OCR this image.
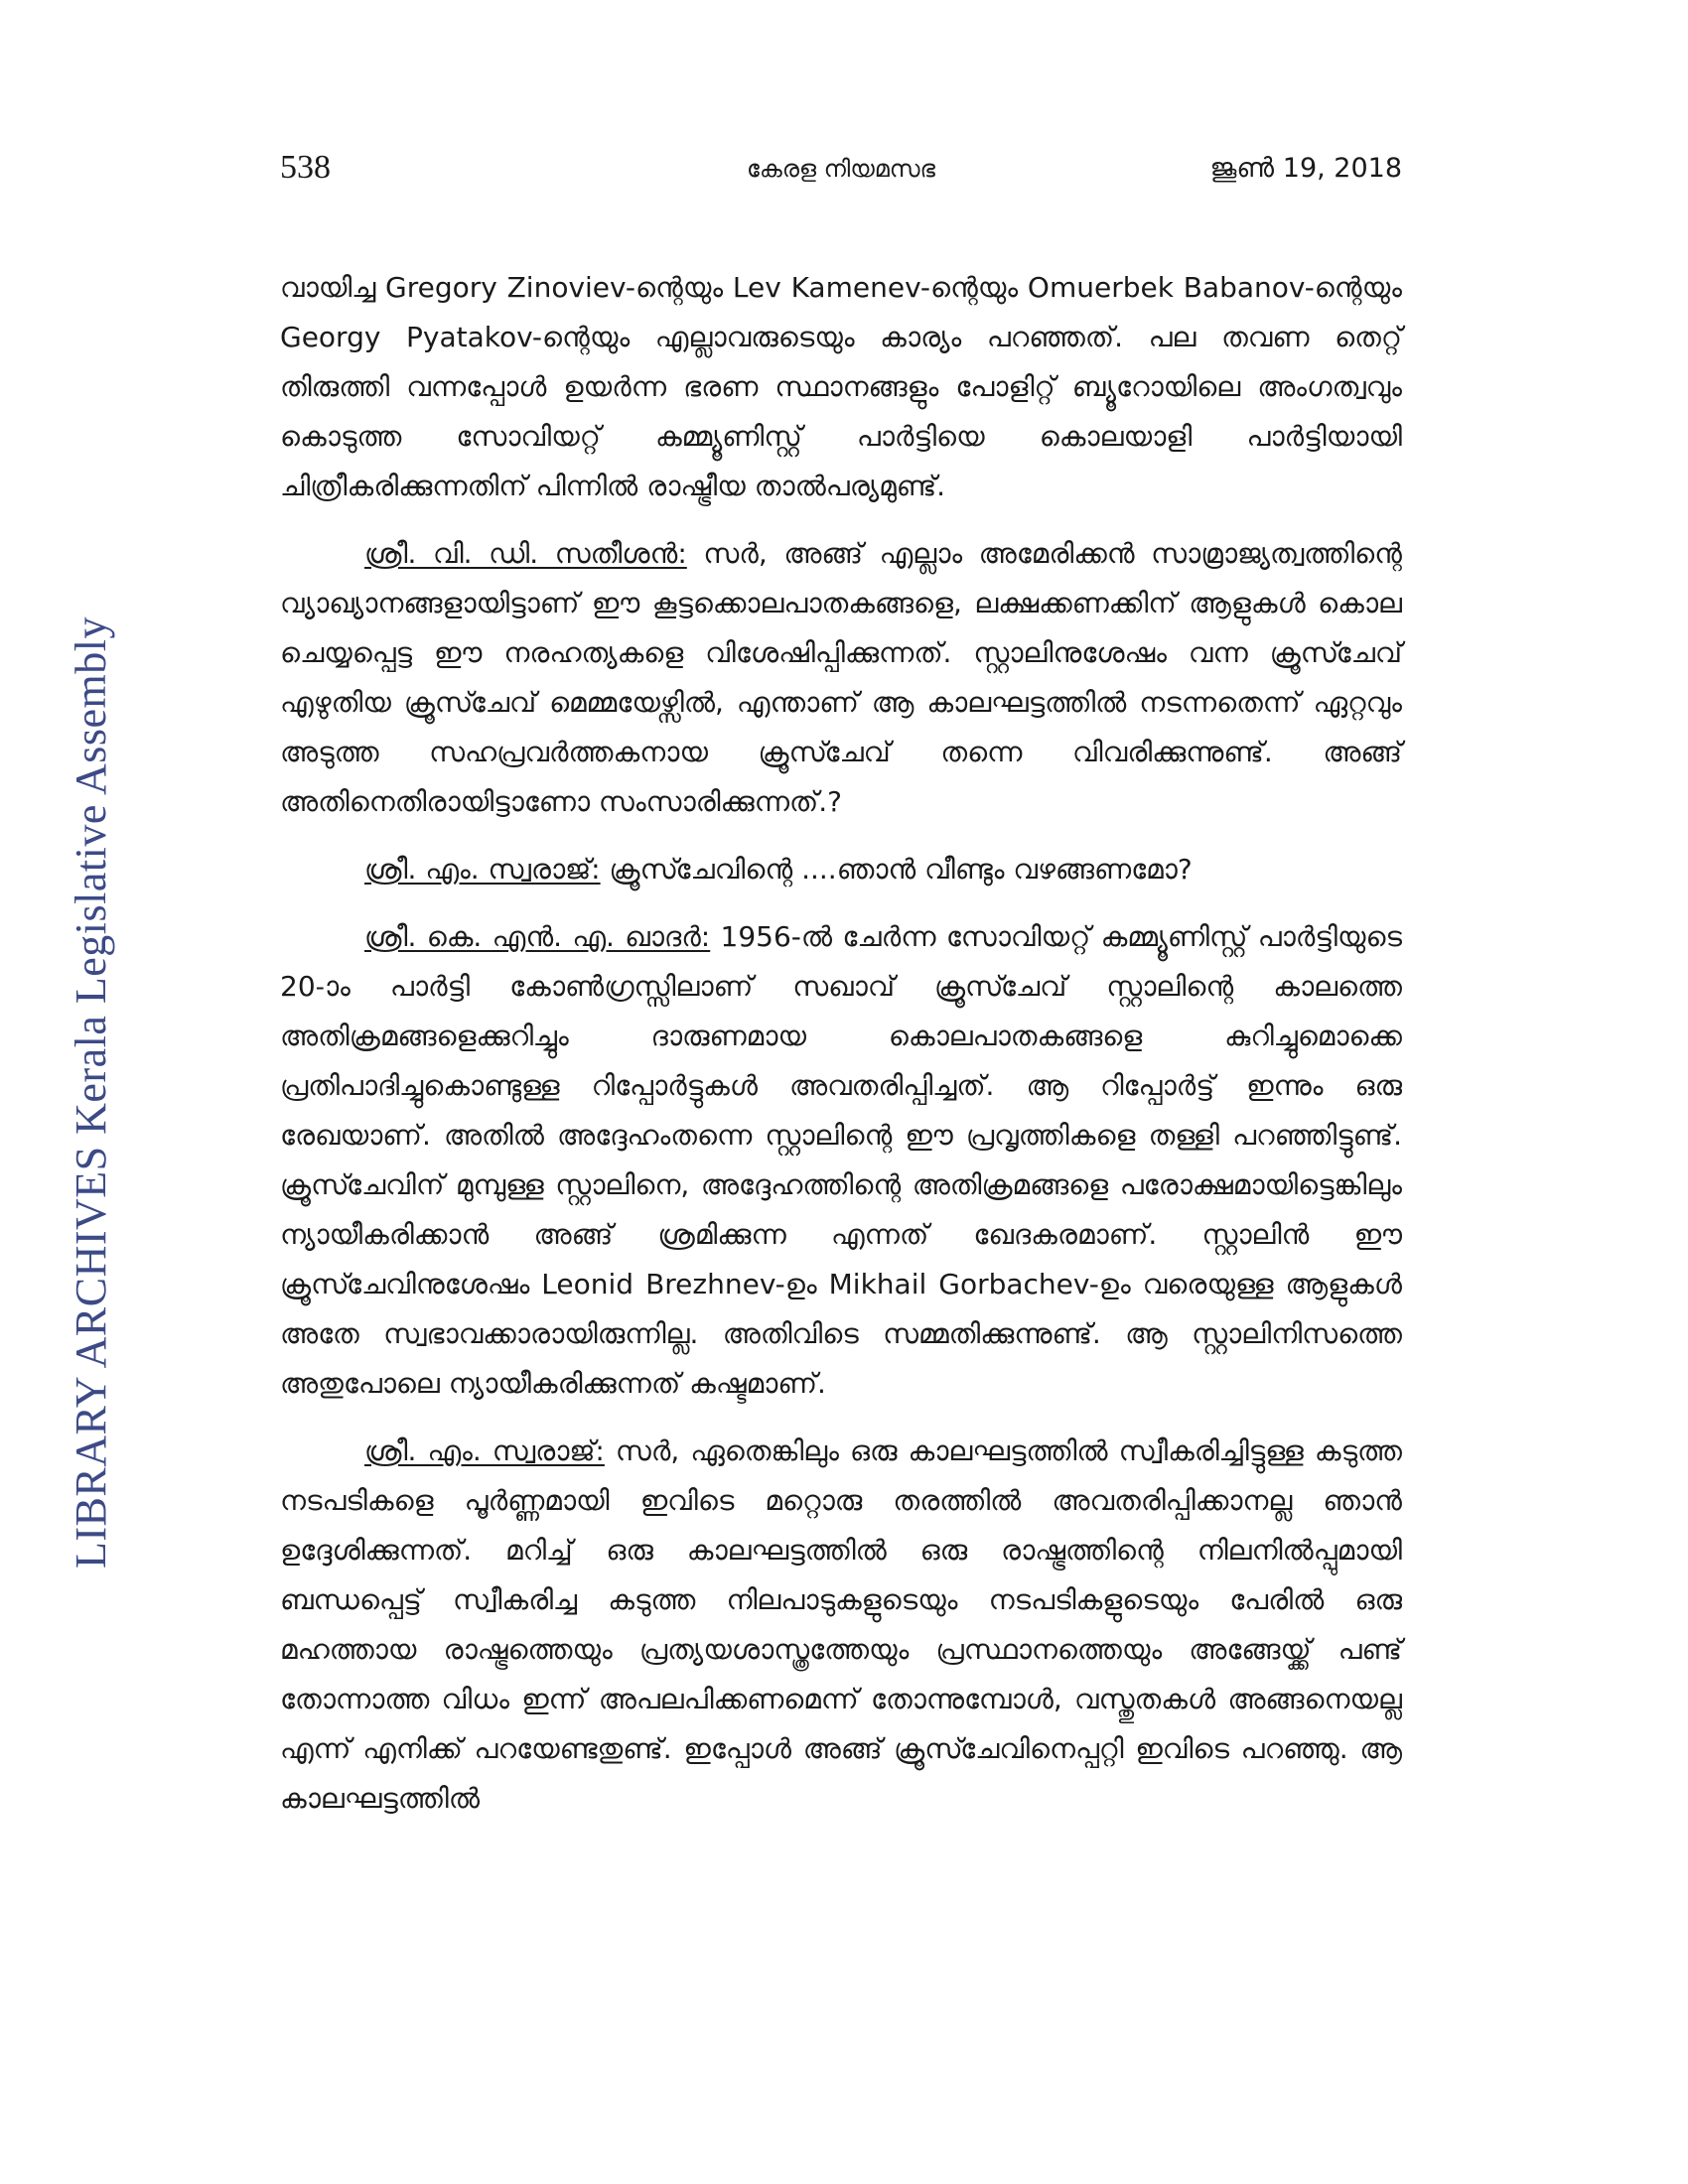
LIBRARY ARCHIVES Kerala Legislative Assembly
538	കേരള നിയമസഭ	ജൂൺ 19, 2018

വായിച്ച Gregory Zinoviev-ന്റെയും Lev Kamenev-ന്റെയും Omuerbek Babanov-ന്റെയും Georgy Pyatakov-ന്റെയും എല്ലാവരുടെയും കാര്യം പറഞ്ഞത്. പല തവണ തെറ്റ് തിരുത്തി വന്നപ്പോൾ ഉയർന്ന ഭരണ സ്ഥാനങ്ങളും പോളിറ്റ് ബ്യൂറോയിലെ അംഗത്വവും കൊടുത്ത സോവിയറ്റ് കമ്മ്യൂണിസ്റ്റ് പാർട്ടിയെ കൊലയാളി പാർട്ടിയായി ചിത്രീകരിക്കുന്നതിന് പിന്നിൽ രാഷ്ട്രീയ താൽപര്യമുണ്ട്.

ശ്രീ. വി. ഡി. സതീശൻ: സർ, അങ്ങ് എല്ലാം അമേരിക്കൻ സാമ്രാജ്യത്വത്തിന്റെ വ്യാഖ്യാനങ്ങളായിട്ടാണ് ഈ കൂട്ടക്കൊലപാതകങ്ങളെ, ലക്ഷക്കണക്കിന് ആളുകൾ കൊല ചെയ്യപ്പെട്ട ഈ നരഹത്യകളെ വിശേഷിപ്പിക്കുന്നത്. സ്റ്റാലിനുശേഷം വന്ന ക്രൂസ്ചേവ് എഴുതിയ ക്രൂസ്ചേവ് മെമ്മയേഴ്സിൽ, എന്താണ് ആ കാലഘട്ടത്തിൽ നടന്നതെന്ന് ഏറ്റവും അടുത്ത സഹപ്രവർത്തകനായ ക്രൂസ്ചേവ് തന്നെ വിവരിക്കുന്നുണ്ട്. അങ്ങ് അതിനെതിരായിട്ടാണോ സംസാരിക്കുന്നത്.?

ശ്രീ. എം. സ്വരാജ്: ക്രൂസ്ചേവിന്റെ ....ഞാൻ വീണ്ടും വഴങ്ങണമോ?

ശ്രീ. കെ. എൻ. എ. ഖാദർ: 1956-ൽ ചേർന്ന സോവിയറ്റ് കമ്മ്യൂണിസ്റ്റ് പാർട്ടിയുടെ 20-ാം പാർട്ടി കോൺഗ്രസ്സിലാണ് സഖാവ് ക്രൂസ്ചേവ് സ്റ്റാലിന്റെ കാലത്തെ അതിക്രമങ്ങളെക്കുറിച്ചും ദാരുണമായ കൊലപാതകങ്ങളെ കുറിച്ചുമൊക്കെ പ്രതിപാദിച്ചുകൊണ്ടുള്ള റിപ്പോർട്ടുകൾ അവതരിപ്പിച്ചത്. ആ റിപ്പോർട്ട് ഇന്നും ഒരു രേഖയാണ്. അതിൽ അദ്ദേഹംതന്നെ സ്റ്റാലിന്റെ ഈ പ്രവൃത്തികളെ തള്ളി പറഞ്ഞിട്ടുണ്ട്. ക്രൂസ്ചേവിന് മുമ്പുള്ള സ്റ്റാലിനെ, അദ്ദേഹത്തിന്റെ അതിക്രമങ്ങളെ പരോക്ഷമായിട്ടെങ്കിലും ന്യായീകരിക്കാൻ അങ്ങ് ശ്രമിക്കുന്ന എന്നത് ഖേദകരമാണ്. സ്റ്റാലിൻ ഈ ക്രൂസ്ചേവിനുശേഷം Leonid Brezhnev-ഉം Mikhail Gorbachev-ഉം വരെയുള്ള ആളുകൾ അതേ സ്വഭാവക്കാരായിരുന്നില്ല. അതിവിടെ സമ്മതിക്കുന്നുണ്ട്. ആ സ്റ്റാലിനിസത്തെ അതുപോലെ ന്യായീകരിക്കുന്നത് കഷ്ടമാണ്.

ശ്രീ. എം. സ്വരാജ്: സർ, ഏതെങ്കിലും ഒരു കാലഘട്ടത്തിൽ സ്വീകരിച്ചിട്ടുള്ള കടുത്ത നടപടികളെ പൂർണ്ണമായി ഇവിടെ മറ്റൊരു തരത്തിൽ അവതരിപ്പിക്കാനല്ല ഞാൻ ഉദ്ദേശിക്കുന്നത്. മറിച്ച് ഒരു കാലഘട്ടത്തിൽ ഒരു രാഷ്ട്രത്തിന്റെ നിലനിൽപ്പുമായി ബന്ധപ്പെട്ട് സ്വീകരിച്ച കടുത്ത നിലപാടുകളുടെയും നടപടികളുടെയും പേരിൽ ഒരു മഹത്തായ രാഷ്ട്രത്തെയും പ്രത്യയശാസ്ത്രത്തേയും പ്രസ്ഥാനത്തെയും അങ്ങേയ്ക്ക് പണ്ട് തോന്നാത്ത വിധം ഇന്ന് അപലപിക്കണമെന്ന് തോന്നുമ്പോൾ, വസ്തുതകൾ അങ്ങനെയല്ല എന്ന് എനിക്ക് പറയേണ്ടതുണ്ട്. ഇപ്പോൾ അങ്ങ് ക്രൂസ്ചേവിനെപ്പറ്റി ഇവിടെ പറഞ്ഞു. ആ കാലഘട്ടത്തിൽ
